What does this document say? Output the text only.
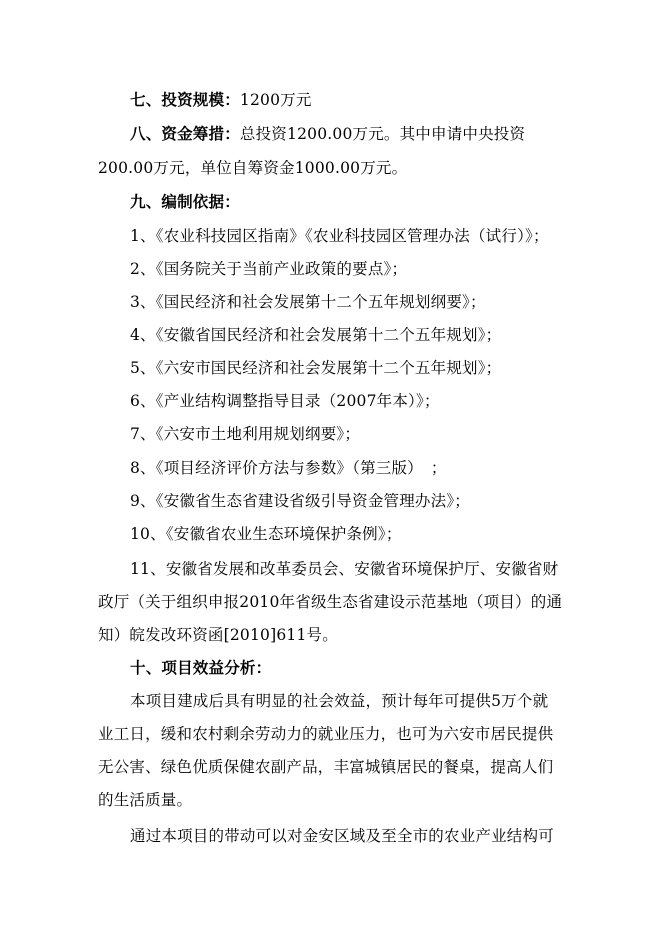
七、投资规模：1200万元
八、资金筹措：总投资1200.00万元。其中申请中央投资
200.00万元，单位自筹资金1000.00万元。
九、编制依据：
1、《农业科技园区指南》《农业科技园区管理办法（试行）》；
2、《国务院关于当前产业政策的要点》；
3、《国民经济和社会发展第十二个五年规划纲要》；
4、《安徽省国民经济和社会发展第十二个五年规划》；
5、《六安市国民经济和社会发展第十二个五年规划》；
6、《产业结构调整指导目录（2007年本）》；
7、《六安市土地利用规划纲要》；
8、《项目经济评价方法与参数》（第三版）　；
9、《安徽省生态省建设省级引导资金管理办法》；
10、《安徽省农业生态环境保护条例》；
11、安徽省发展和改革委员会、安徽省环境保护厅、安徽省财
政厅（关于组织申报2010年省级生态省建设示范基地（项目）的通
知）皖发改环资函[2010]611号。
十、项目效益分析：
本项目建成后具有明显的社会效益，预计每年可提供5万个就
业工日，缓和农村剩余劳动力的就业压力，也可为六安市居民提供
无公害、绿色优质保健农副产品，丰富城镇居民的餐桌，提高人们
的生活质量。
通过本项目的带动可以对金安区域及至全市的农业产业结构可
